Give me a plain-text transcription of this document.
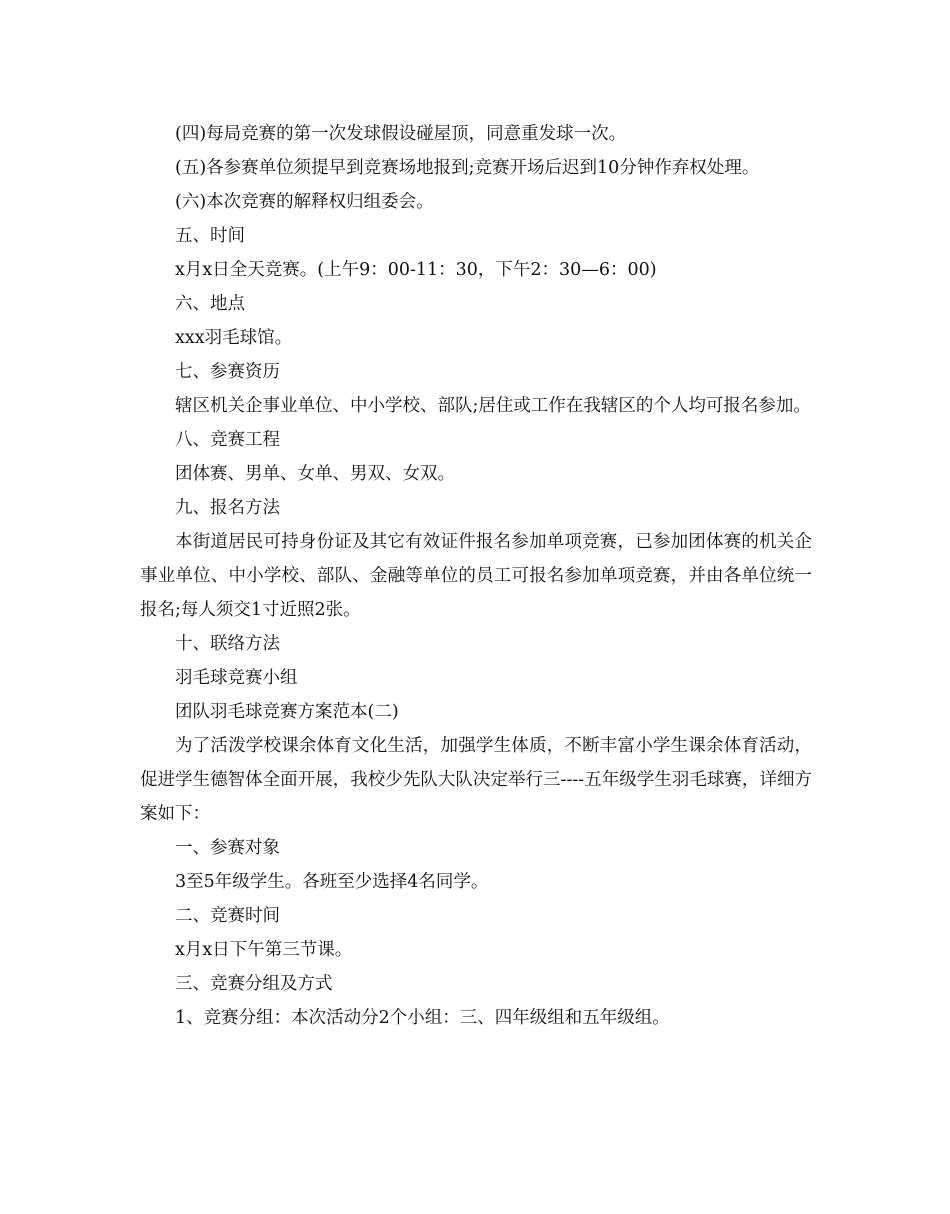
(四)每局竞赛的第一次发球假设碰屋顶，同意重发球一次。

(五)各参赛单位须提早到竞赛场地报到;竞赛开场后迟到10分钟作弃权处理。

(六)本次竞赛的解释权归组委会。

五、时间

x月x日全天竞赛。(上午9：00-11：30，下午2：30—6：00)

六、地点

xxx羽毛球馆。

七、参赛资历

辖区机关企事业单位、中小学校、部队;居住或工作在我辖区的个人均可报名参加。

八、竞赛工程

团体赛、男单、女单、男双、女双。

九、报名方法

本街道居民可持身份证及其它有效证件报名参加单项竞赛，已参加团体赛的机关企事业单位、中小学校、部队、金融等单位的员工可报名参加单项竞赛，并由各单位统一报名;每人须交1寸近照2张。

十、联络方法

羽毛球竞赛小组

团队羽毛球竞赛方案范本(二)

为了活泼学校课余体育文化生活，加强学生体质，不断丰富小学生课余体育活动，促进学生德智体全面开展，我校少先队大队决定举行三----五年级学生羽毛球赛，详细方案如下：

一、参赛对象

3至5年级学生。各班至少选择4名同学。

二、竞赛时间

x月x日下午第三节课。

三、竞赛分组及方式

1、竞赛分组：本次活动分2个小组：三、四年级组和五年级组。
